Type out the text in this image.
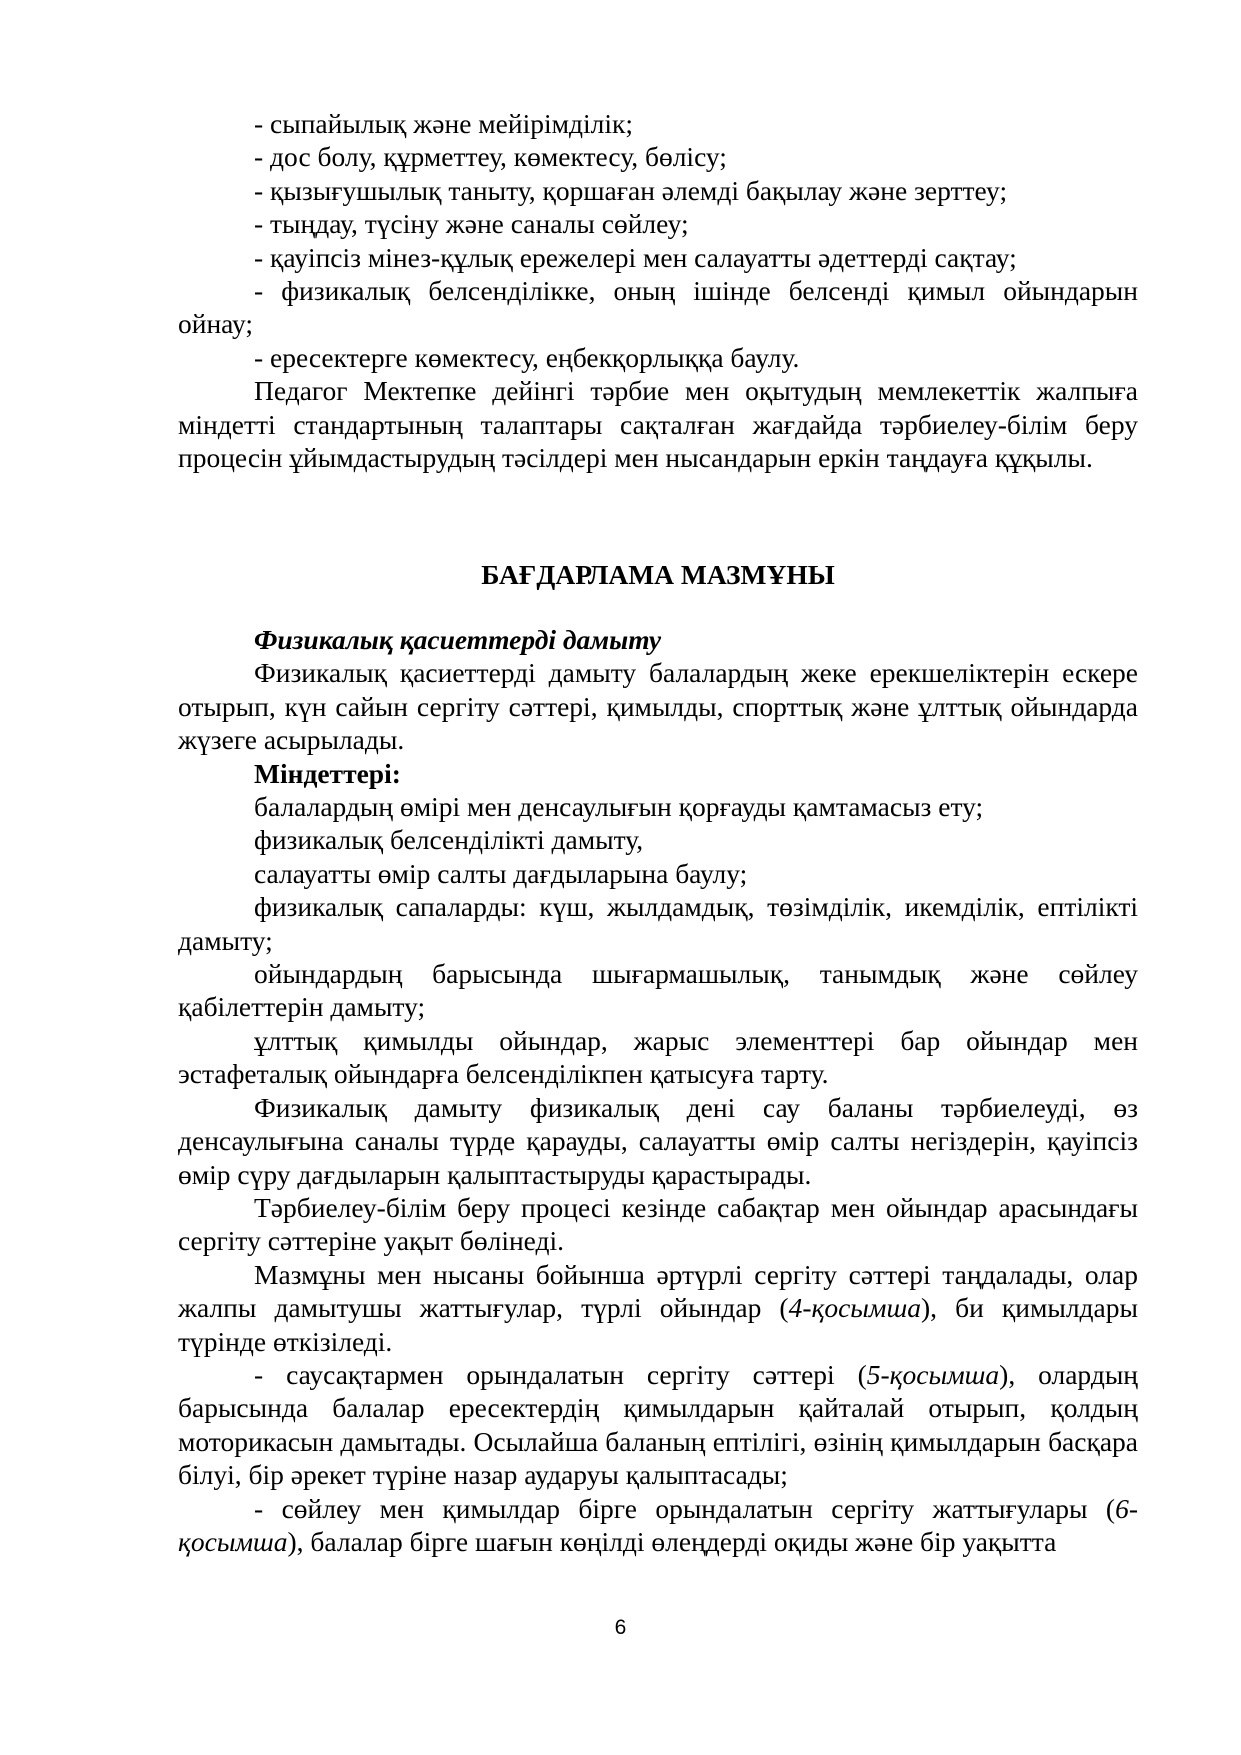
- сыпайылық және мейірімділік;

- дос болу, құрметтеу, көмектесу, бөлісу;

- қызығушылық таныту, қоршаған әлемді бақылау және зерттеу;

- тыңдау, түсіну және саналы сөйлеу;

- қауіпсіз мінез-құлық ережелері мен салауатты әдеттерді сақтау;

- физикалық белсенділікке, оның ішінде белсенді қимыл ойындарын ойнау;

- ересектерге көмектесу, еңбекқорлыққа баулу.

Педагог Мектепке дейінгі тәрбие мен оқытудың мемлекеттік жалпыға міндетті стандартының талаптары сақталған жағдайда тәрбиелеу-білім беру процесін ұйымдастырудың тәсілдері мен нысандарын еркін таңдауға құқылы.

БАҒДАРЛАМА МАЗМҰНЫ

Физикалық қасиеттерді дамыту

Физикалық қасиеттерді дамыту балалардың жеке ерекшеліктерін ескере отырып, күн сайын сергіту сәттері, қимылды, спорттық және ұлттық ойындарда жүзеге асырылады.

Міндеттері:

балалардың өмірі мен денсаулығын қорғауды қамтамасыз ету;

физикалық белсенділікті дамыту,

салауатты өмір салты дағдыларына баулу;

физикалық сапаларды: күш, жылдамдық, төзімділік, икемділік, ептілікті дамыту;

ойындардың барысында шығармашылық, танымдық және сөйлеу қабілеттерін дамыту;

ұлттық қимылды ойындар, жарыс элементтері бар ойындар мен эстафеталық ойындарға белсенділікпен қатысуға тарту.

Физикалық дамыту физикалық дені сау баланы тәрбиелеуді, өз денсаулығына саналы түрде қарауды, салауатты өмір салты негіздерін, қауіпсіз өмір сүру дағдыларын қалыптастыруды қарастырады.

Тәрбиелеу-білім беру процесі кезінде сабақтар мен ойындар арасындағы сергіту сәттеріне уақыт бөлінеді.

Мазмұны мен нысаны бойынша әртүрлі сергіту сәттері таңдалады, олар жалпы дамытушы жаттығулар, түрлі ойындар (4-қосымша), би қимылдары түрінде өткізіледі.

- саусақтармен орындалатын сергіту сәттері (5-қосымша), олардың барысында балалар ересектердің қимылдарын қайталай отырып, қолдың моторикасын дамытады. Осылайша баланың ептілігі, өзінің қимылдарын басқара білуі, бір әрекет түріне назар аударуы қалыптасады;

- сөйлеу мен қимылдар бірге орындалатын сергіту жаттығулары (6-қосымша), балалар бірге шағын көңілді өлеңдерді оқиды және бір уақытта

6
